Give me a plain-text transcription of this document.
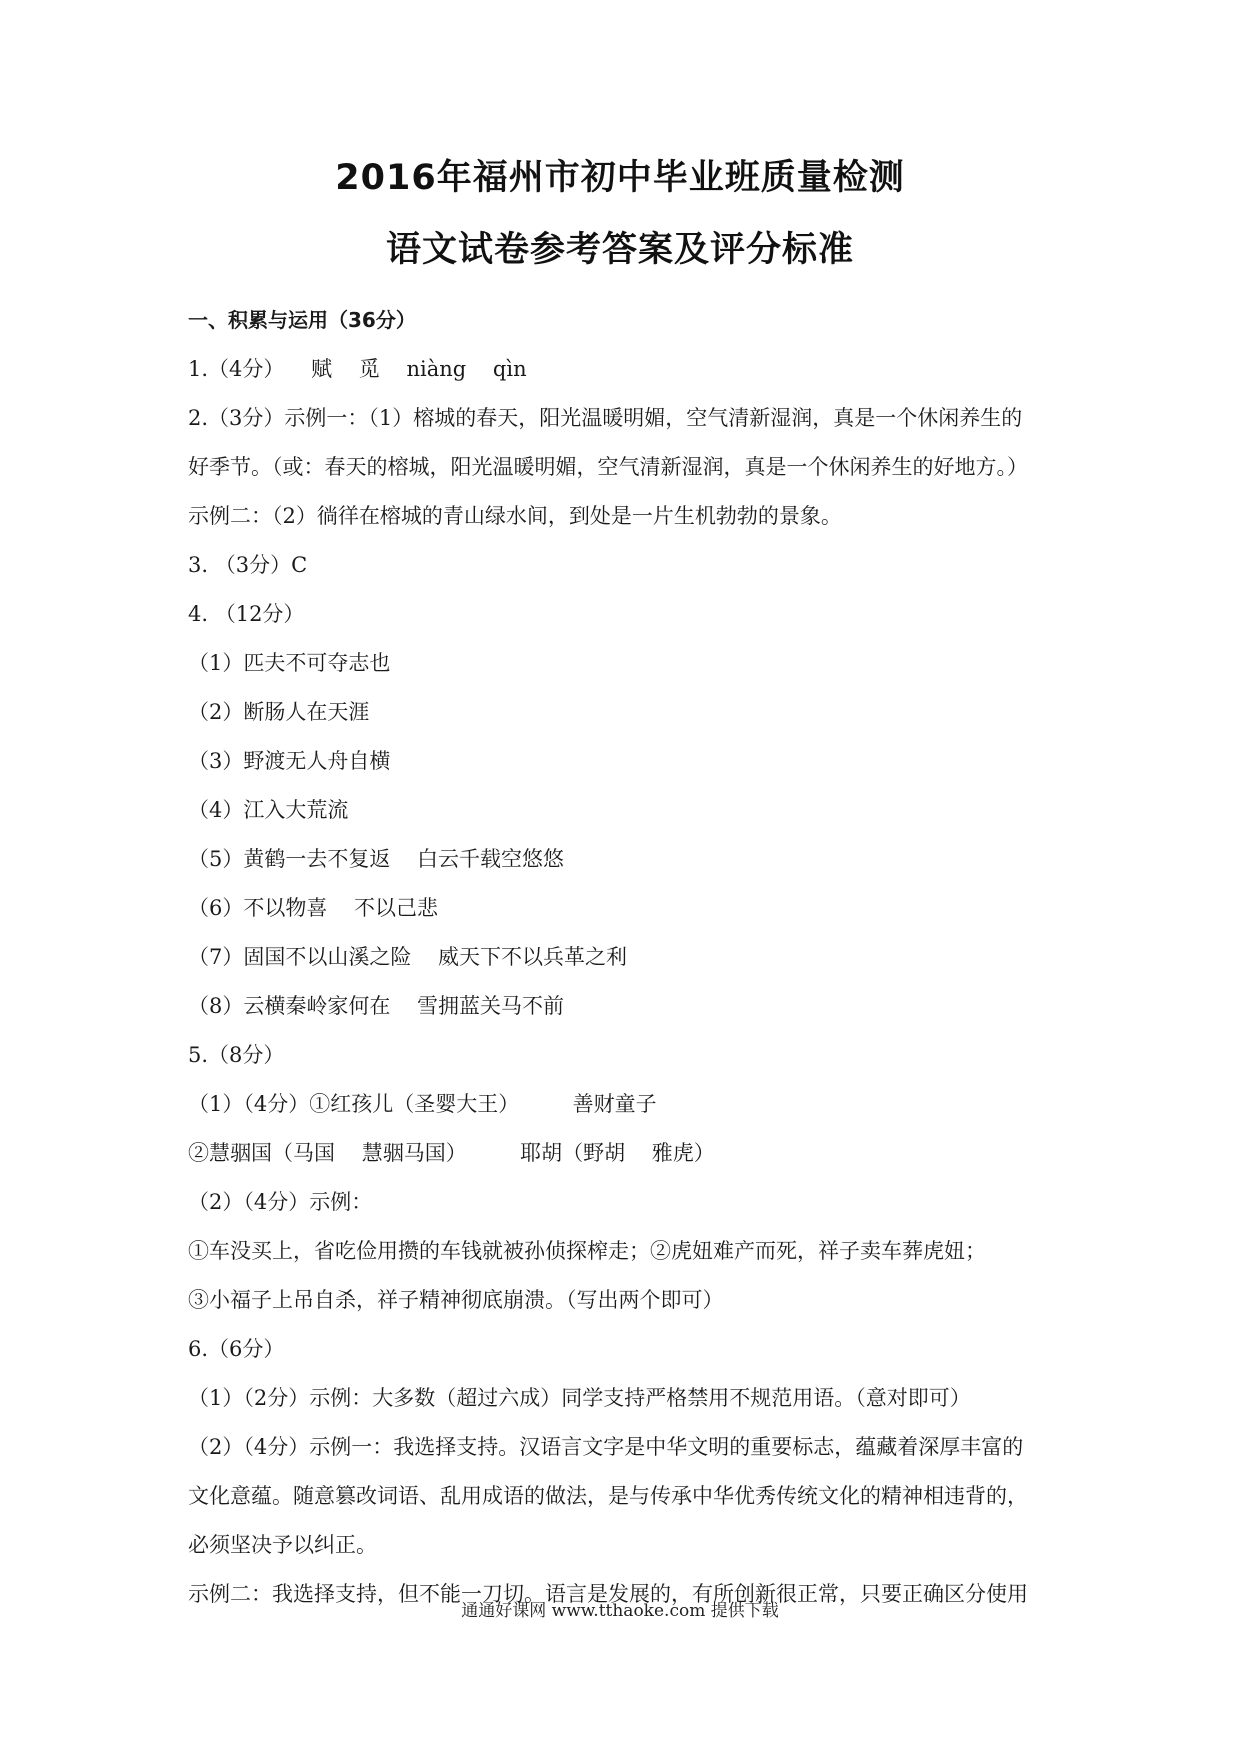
2016年福州市初中毕业班质量检测
语文试卷参考答案及评分标准
一、积累与运用（36分）
1.（4分）    赋    觅    niàng    qìn
2.（3分）示例一：（1）榕城的春天，阳光温暖明媚，空气清新湿润，真是一个休闲养生的
好季节。（或：春天的榕城，阳光温暖明媚，空气清新湿润，真是一个休闲养生的好地方。）
示例二：（2）徜徉在榕城的青山绿水间，到处是一片生机勃勃的景象。
3. （3分）C
4. （12分）
（1）匹夫不可夺志也
（2）断肠人在天涯
（3）野渡无人舟自横
（4）江入大荒流
（5）黄鹤一去不复返    白云千载空悠悠
（6）不以物喜    不以己悲
（7）固国不以山溪之险    威天下不以兵革之利
（8）云横秦岭家何在    雪拥蓝关马不前
5.（8分）
（1）（4分）①红孩儿（圣婴大王）        善财童子
②慧骃国（马国    慧骃马国）        耶胡（野胡    雅虎）
（2）（4分）示例：
①车没买上，省吃俭用攒的车钱就被孙侦探榨走；②虎妞难产而死，祥子卖车葬虎妞；
③小福子上吊自杀，祥子精神彻底崩溃。（写出两个即可）
6.（6分）
（1）（2分）示例：大多数（超过六成）同学支持严格禁用不规范用语。（意对即可）
（2）（4分）示例一：我选择支持。汉语言文字是中华文明的重要标志，蕴藏着深厚丰富的
文化意蕴。随意篡改词语、乱用成语的做法，是与传承中华优秀传统文化的精神相违背的，
必须坚决予以纠正。
示例二：我选择支持，但不能一刀切。语言是发展的，有所创新很正常，只要正确区分使用
通通好课网 www.tthaoke.com 提供下载
